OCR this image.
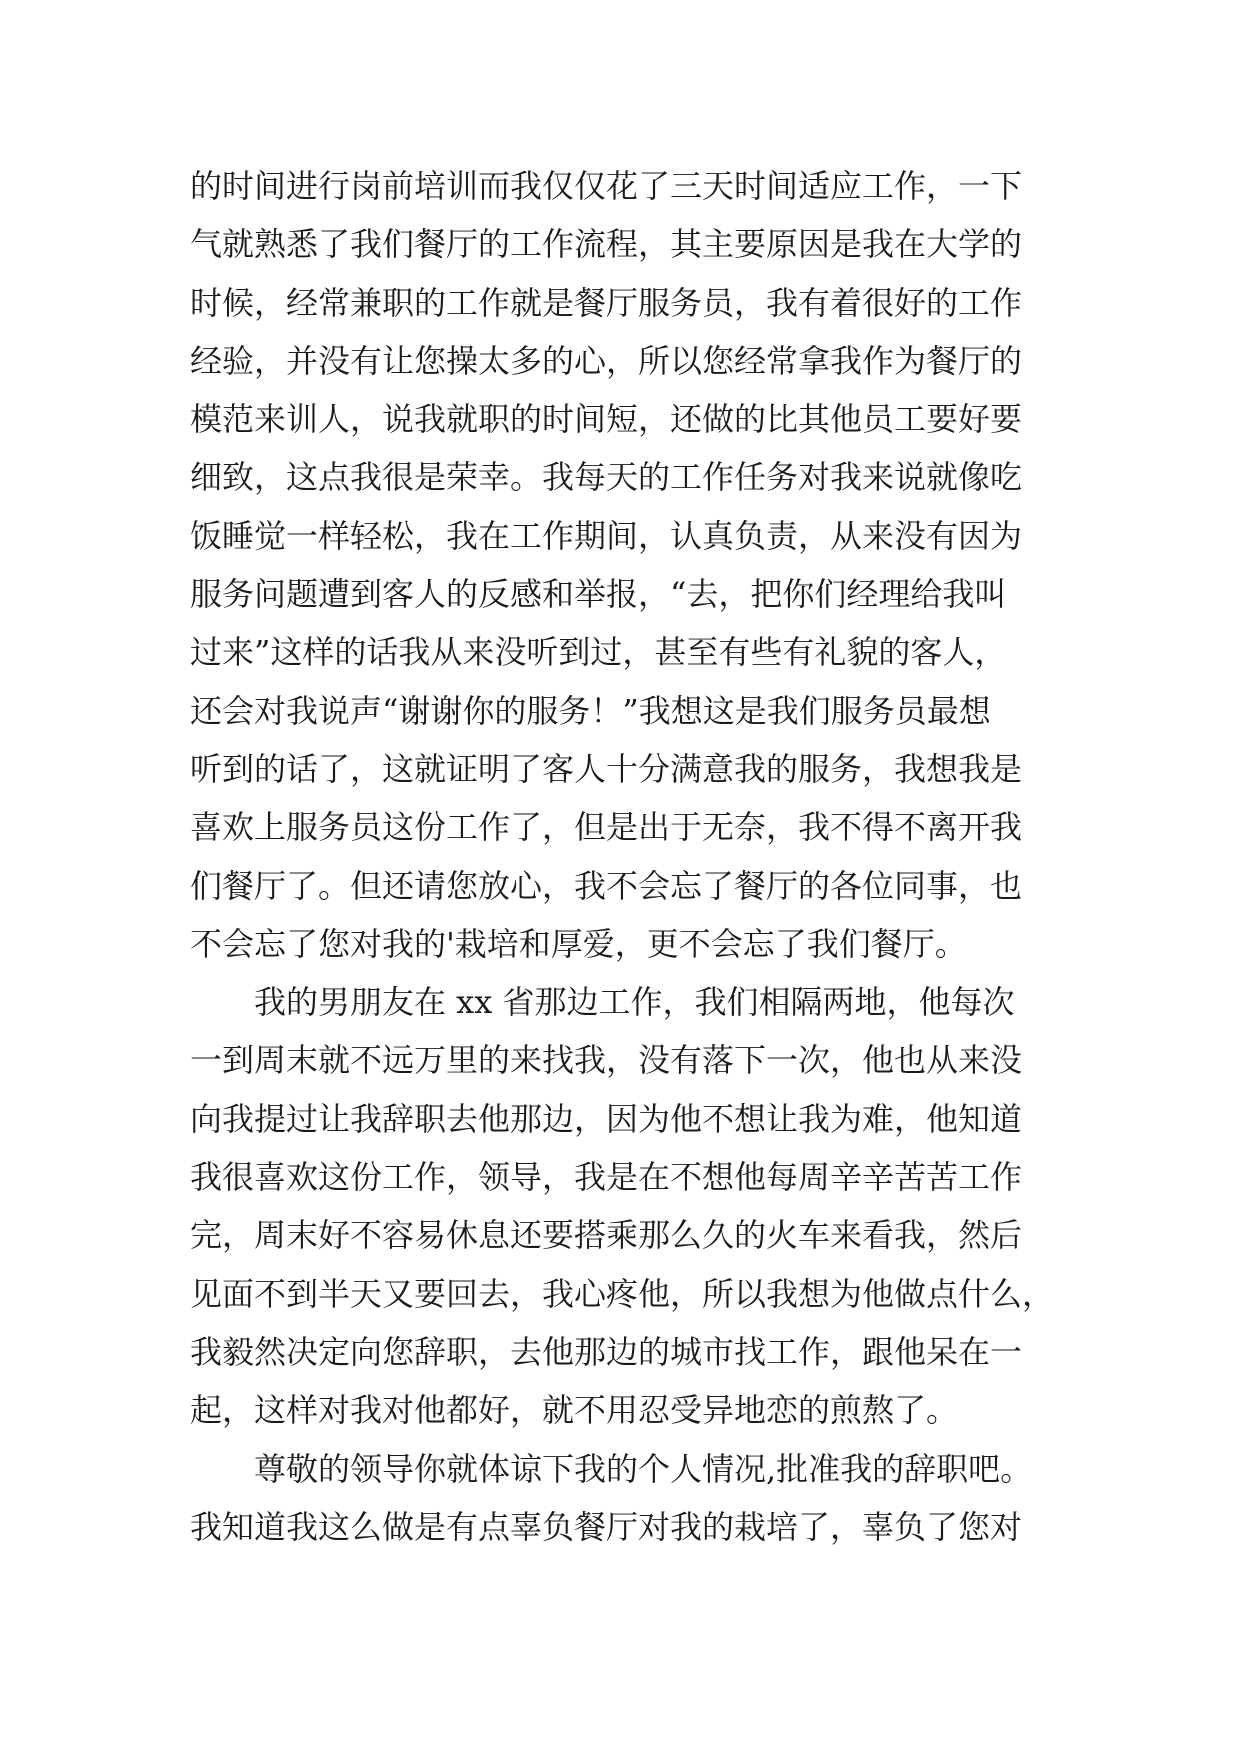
的时间进行岗前培训而我仅仅花了三天时间适应工作，一下
气就熟悉了我们餐厅的工作流程，其主要原因是我在大学的
时候，经常兼职的工作就是餐厅服务员，我有着很好的工作
经验，并没有让您操太多的心，所以您经常拿我作为餐厅的
模范来训人，说我就职的时间短，还做的比其他员工要好要
细致，这点我很是荣幸。我每天的工作任务对我来说就像吃
饭睡觉一样轻松，我在工作期间，认真负责，从来没有因为
服务问题遭到客人的反感和举报，“去，把你们经理给我叫
过来”这样的话我从来没听到过，甚至有些有礼貌的客人，
还会对我说声“谢谢你的服务！”我想这是我们服务员最想
听到的话了，这就证明了客人十分满意我的服务，我想我是
喜欢上服务员这份工作了，但是出于无奈，我不得不离开我
们餐厅了。但还请您放心，我不会忘了餐厅的各位同事，也
不会忘了您对我的'栽培和厚爱，更不会忘了我们餐厅。
我的男朋友在 xx 省那边工作，我们相隔两地，他每次
一到周末就不远万里的来找我，没有落下一次，他也从来没
向我提过让我辞职去他那边，因为他不想让我为难，他知道
我很喜欢这份工作，领导，我是在不想他每周辛辛苦苦工作
完，周末好不容易休息还要搭乘那么久的火车来看我，然后
见面不到半天又要回去，我心疼他，所以我想为他做点什么，
我毅然决定向您辞职，去他那边的城市找工作，跟他呆在一
起，这样对我对他都好，就不用忍受异地恋的煎熬了。
尊敬的领导你就体谅下我的个人情况,批准我的辞职吧。
我知道我这么做是有点辜负餐厅对我的栽培了，辜负了您对
